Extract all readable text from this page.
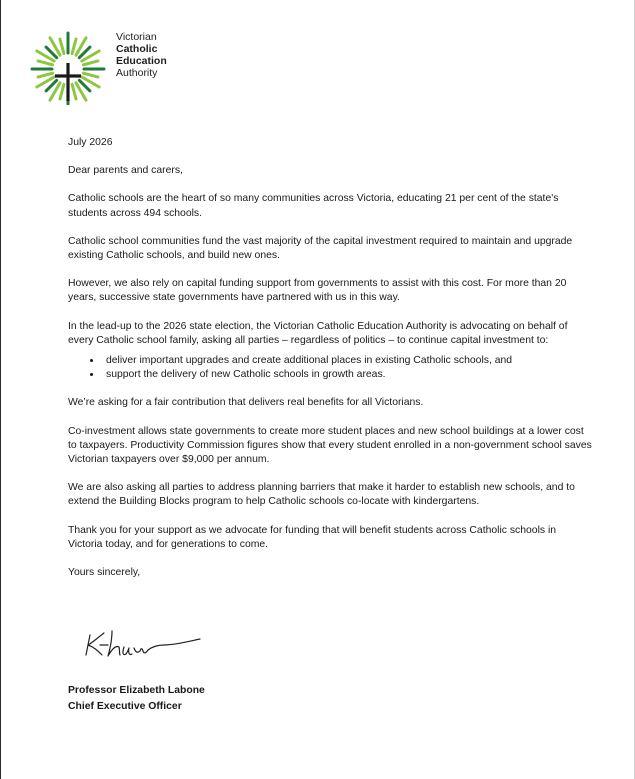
Victorian
Catholic
Education
Authority

July 2026

Dear parents and carers,

Catholic schools are the heart of so many communities across Victoria, educating 21 per cent of the state's students across 494 schools.

Catholic school communities fund the vast majority of the capital investment required to maintain and upgrade existing Catholic schools, and build new ones.

However, we also rely on capital funding support from governments to assist with this cost. For more than 20 years, successive state governments have partnered with us in this way.

In the lead-up to the 2026 state election, the Victorian Catholic Education Authority is advocating on behalf of every Catholic school family, asking all parties – regardless of politics – to continue capital investment to:

• deliver important upgrades and create additional places in existing Catholic schools, and
• support the delivery of new Catholic schools in growth areas.

We’re asking for a fair contribution that delivers real benefits for all Victorians.

Co-investment allows state governments to create more student places and new school buildings at a lower cost to taxpayers. Productivity Commission figures show that every student enrolled in a non-government school saves Victorian taxpayers over $9,000 per annum.

We are also asking all parties to address planning barriers that make it harder to establish new schools, and to extend the Building Blocks program to help Catholic schools co-locate with kindergartens.

Thank you for your support as we advocate for funding that will benefit students across Catholic schools in Victoria today, and for generations to come.

Yours sincerely,

Professor Elizabeth Labone
Chief Executive Officer
